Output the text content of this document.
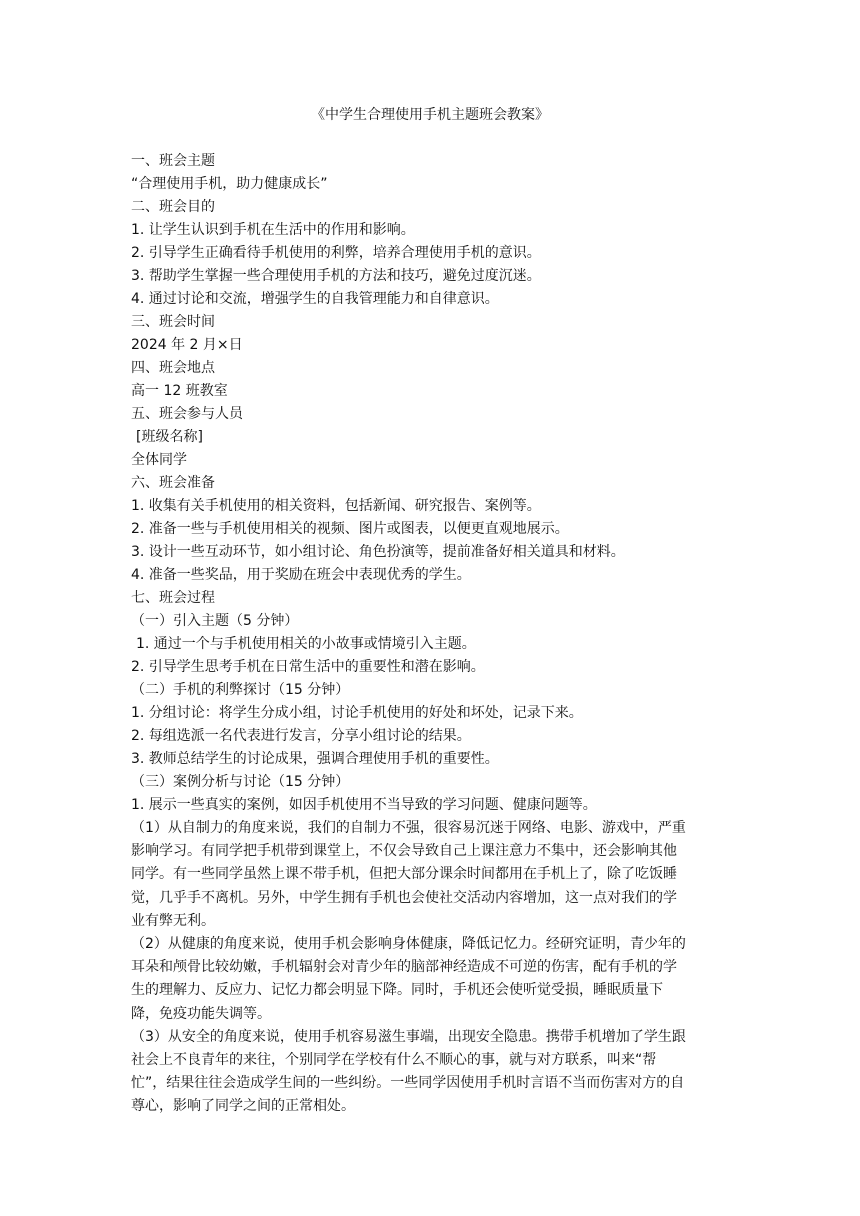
《中学生合理使用手机主题班会教案》
一、班会主题
“合理使用手机，助力健康成长”
二、班会目的
1. 让学生认识到手机在生活中的作用和影响。
2. 引导学生正确看待手机使用的利弊，培养合理使用手机的意识。
3. 帮助学生掌握一些合理使用手机的方法和技巧，避免过度沉迷。
4. 通过讨论和交流，增强学生的自我管理能力和自律意识。
三、班会时间
2024 年 2 月×日
四、班会地点
高一 12 班教室
五、班会参与人员
[班级名称]
全体同学
六、班会准备
1. 收集有关手机使用的相关资料，包括新闻、研究报告、案例等。
2. 准备一些与手机使用相关的视频、图片或图表，以便更直观地展示。
3. 设计一些互动环节，如小组讨论、角色扮演等，提前准备好相关道具和材料。
4. 准备一些奖品，用于奖励在班会中表现优秀的学生。
七、班会过程
（一）引入主题（5 分钟）
1. 通过一个与手机使用相关的小故事或情境引入主题。
2. 引导学生思考手机在日常生活中的重要性和潜在影响。
（二）手机的利弊探讨（15 分钟）
1. 分组讨论：将学生分成小组，讨论手机使用的好处和坏处，记录下来。
2. 每组选派一名代表进行发言，分享小组讨论的结果。
3. 教师总结学生的讨论成果，强调合理使用手机的重要性。
（三）案例分析与讨论（15 分钟）
1. 展示一些真实的案例，如因手机使用不当导致的学习问题、健康问题等。
（1）从自制力的角度来说，我们的自制力不强，很容易沉迷于网络、电影、游戏中，严重
影响学习。有同学把手机带到课堂上，不仅会导致自己上课注意力不集中，还会影响其他
同学。有一些同学虽然上课不带手机，但把大部分课余时间都用在手机上了，除了吃饭睡
觉，几乎手不离机。另外，中学生拥有手机也会使社交活动内容增加，这一点对我们的学
业有弊无利。
（2）从健康的角度来说，使用手机会影响身体健康，降低记忆力。经研究证明，青少年的
耳朵和颅骨比较幼嫩，手机辐射会对青少年的脑部神经造成不可逆的伤害，配有手机的学
生的理解力、反应力、记忆力都会明显下降。同时，手机还会使听觉受损，睡眠质量下
降，免疫功能失调等。
（3）从安全的角度来说，使用手机容易滋生事端，出现安全隐患。携带手机增加了学生跟
社会上不良青年的来往，个别同学在学校有什么不顺心的事，就与对方联系，叫来“帮
忙”，结果往往会造成学生间的一些纠纷。一些同学因使用手机时言语不当而伤害对方的自
尊心，影响了同学之间的正常相处。
